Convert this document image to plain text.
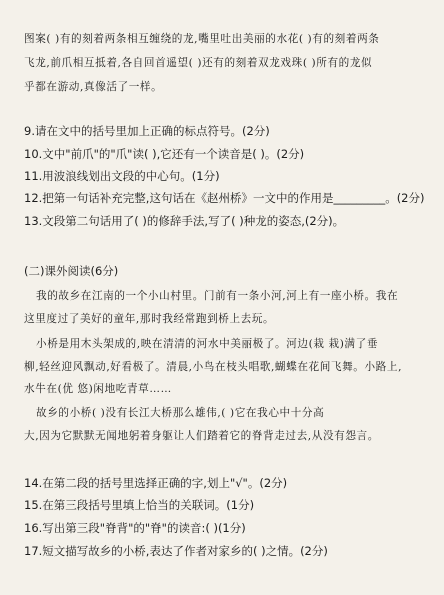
图案( )有的刻着两条相互缠绕的龙,嘴里吐出美丽的水花( )有的刻着两条
飞龙,前爪相互抵着,各自回首遥望( )还有的刻着双龙戏珠( )所有的龙似
乎都在游动,真像活了一样。
9.请在文中的括号里加上正确的标点符号。(2分)
10.文中"前爪"的"爪"读( ),它还有一个读音是( )。(2分)
11.用波浪线划出文段的中心句。(1分)
12.把第一句话补充完整,这句话在《赵州桥》一文中的作用是_________。(2分)
13.文段第二句话用了( )的修辞手法,写了( )种龙的姿态,(2分)。
(二)课外阅读(6分)
我的故乡在江南的一个小山村里。门前有一条小河,河上有一座小桥。我在
这里度过了美好的童年,那时我经常跑到桥上去玩。
小桥是用木头架成的,映在清清的河水中美丽极了。河边(栽 栽)满了垂
柳,轻丝迎风飘动,好看极了。清晨,小鸟在枝头唱歌,蝴蝶在花间飞舞。小路上,
水牛在(优 悠)闲地吃青草……
故乡的小桥( )没有长江大桥那么雄伟,( )它在我心中十分高
大,因为它默默无闻地躬着身躯让人们踏着它的脊背走过去,从没有怨言。
14.在第二段的括号里选择正确的字,划上"√"。(2分)
15.在第三段括号里填上恰当的关联词。(1分)
16.写出第三段"脊背"的"脊"的读音:( )(1分)
17.短文描写故乡的小桥,表达了作者对家乡的( )之情。(2分)
